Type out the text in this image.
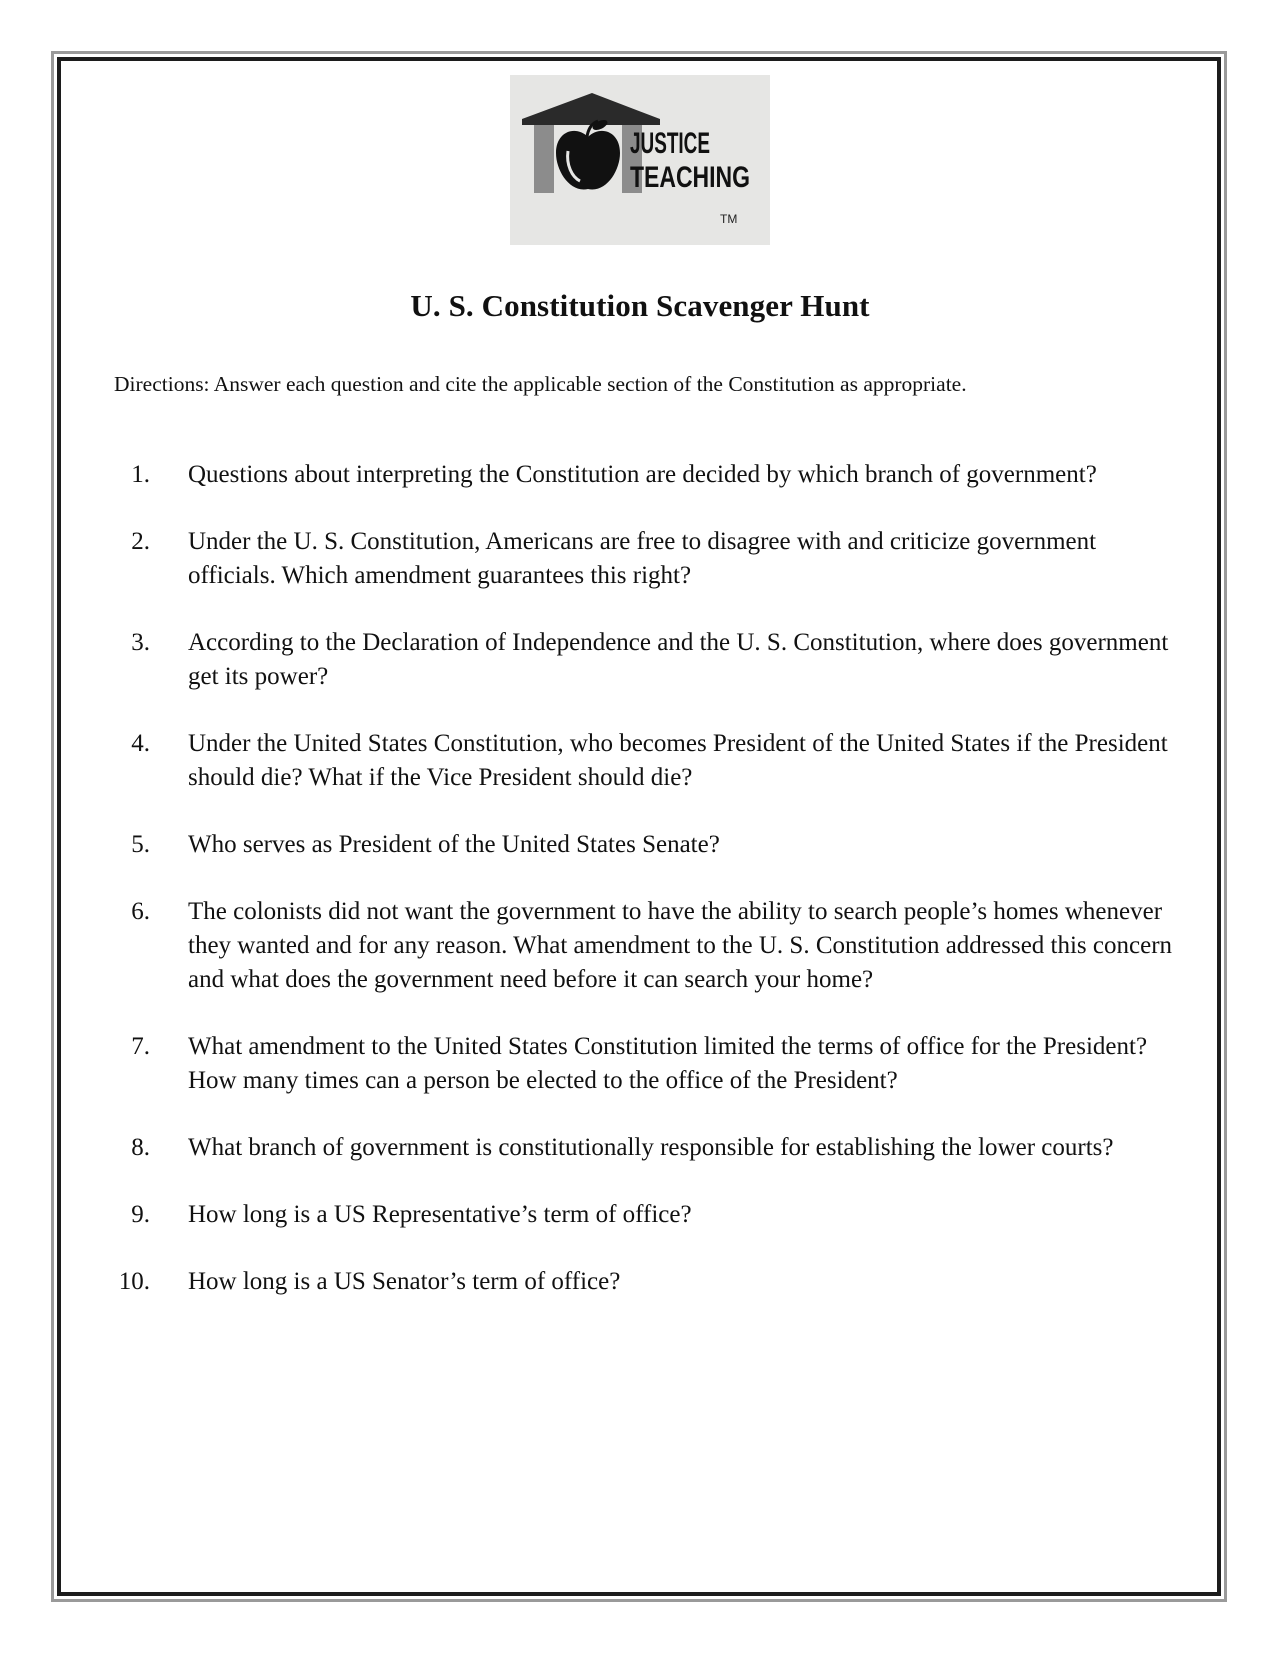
JUSTICE
TEACHING
TM
U. S. Constitution Scavenger Hunt
Directions: Answer each question and cite the applicable section of the Constitution as appropriate.
1. Questions about interpreting the Constitution are decided by which branch of government?
2. Under the U. S. Constitution, Americans are free to disagree with and criticize government officials. Which amendment guarantees this right?
3. According to the Declaration of Independence and the U. S. Constitution, where does government get its power?
4. Under the United States Constitution, who becomes President of the United States if the President should die? What if the Vice President should die?
5. Who serves as President of the United States Senate?
6. The colonists did not want the government to have the ability to search people’s homes whenever they wanted and for any reason. What amendment to the U. S. Constitution addressed this concern and what does the government need before it can search your home?
7. What amendment to the United States Constitution limited the terms of office for the President? How many times can a person be elected to the office of the President?
8. What branch of government is constitutionally responsible for establishing the lower courts?
9. How long is a US Representative’s term of office?
10. How long is a US Senator’s term of office?
